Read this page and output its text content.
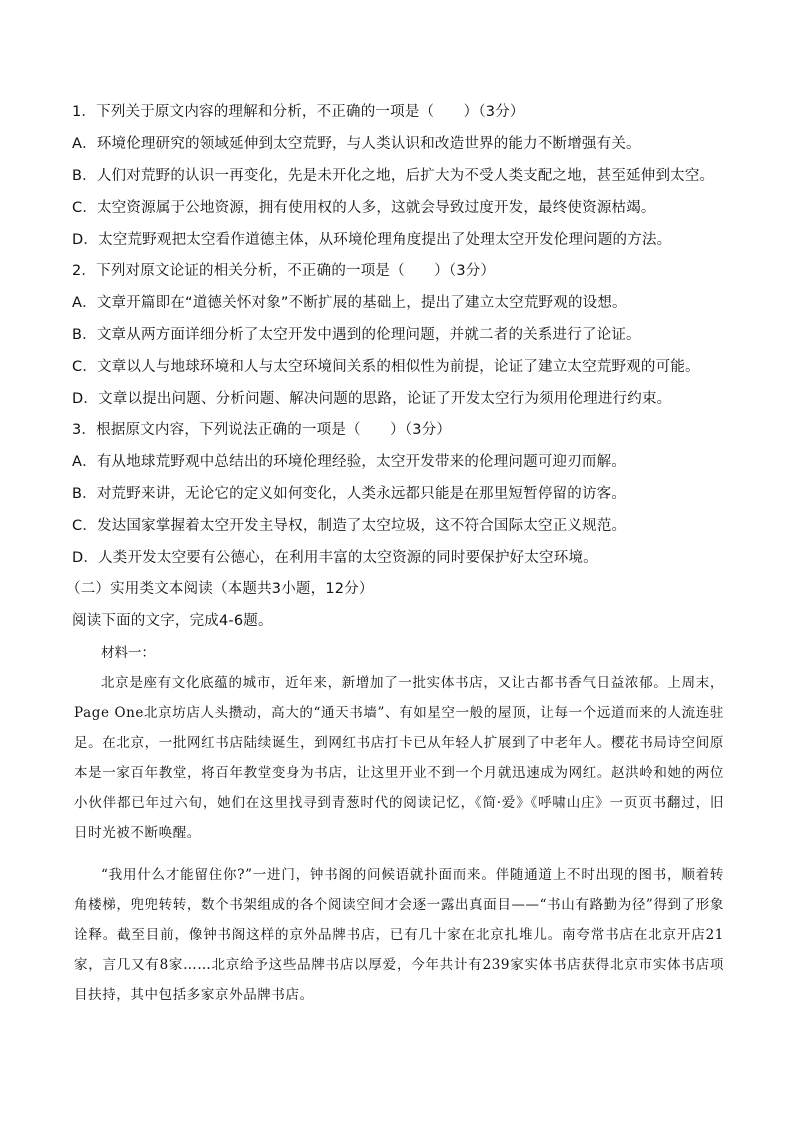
1．下列关于原文内容的理解和分析，不正确的一项是（　　）（3分）
A．环境伦理研究的领域延伸到太空荒野，与人类认识和改造世界的能力不断增强有关。
B．人们对荒野的认识一再变化，先是未开化之地，后扩大为不受人类支配之地，甚至延伸到太空。
C．太空资源属于公地资源，拥有使用权的人多，这就会导致过度开发，最终使资源枯竭。
D．太空荒野观把太空看作道德主体，从环境伦理角度提出了处理太空开发伦理问题的方法。
2．下列对原文论证的相关分析，不正确的一项是（　　）（3分）
A．文章开篇即在“道德关怀对象”不断扩展的基础上，提出了建立太空荒野观的设想。
B．文章从两方面详细分析了太空开发中遇到的伦理问题，并就二者的关系进行了论证。
C．文章以人与地球环境和人与太空环境间关系的相似性为前提，论证了建立太空荒野观的可能。
D．文章以提出问题、分析问题、解决问题的思路，论证了开发太空行为须用伦理进行约束。
3．根据原文内容，下列说法正确的一项是（　　）（3分）
A．有从地球荒野观中总结出的环境伦理经验，太空开发带来的伦理问题可迎刃而解。
B．对荒野来讲，无论它的定义如何变化，人类永远都只能是在那里短暂停留的访客。
C．发达国家掌握着太空开发主导权，制造了太空垃圾，这不符合国际太空正义规范。
D．人类开发太空要有公德心，在利用丰富的太空资源的同时要保护好太空环境。
（二）实用类文本阅读（本题共3小题，12分）
阅读下面的文字，完成4-6题。
材料一：
北京是座有文化底蕴的城市，近年来，新增加了一批实体书店，又让古都书香气日益浓郁。上周末，Page One北京坊店人头攒动，高大的“通天书墙”、有如星空一般的屋顶，让每一个远道而来的人流连驻足。在北京，一批网红书店陆续诞生，到网红书店打卡已从年轻人扩展到了中老年人。樱花书局诗空间原本是一家百年教堂，将百年教堂变身为书店，让这里开业不到一个月就迅速成为网红。赵洪岭和她的两位小伙伴都已年过六旬，她们在这里找寻到青葱时代的阅读记忆，《简·爱》《呼啸山庄》一页页书翻过，旧日时光被不断唤醒。
“我用什么才能留住你?”一进门，钟书阁的问候语就扑面而来。伴随通道上不时出现的图书，顺着转角楼梯，兜兜转转，数个书架组成的各个阅读空间才会逐一露出真面目——“书山有路勤为径”得到了形象诠释。截至目前，像钟书阁这样的京外品牌书店，已有几十家在北京扎堆儿。南夸常书店在北京开店21家，言几又有8家……北京给予这些品牌书店以厚爱，今年共计有239家实体书店获得北京市实体书店项目扶持，其中包括多家京外品牌书店。
